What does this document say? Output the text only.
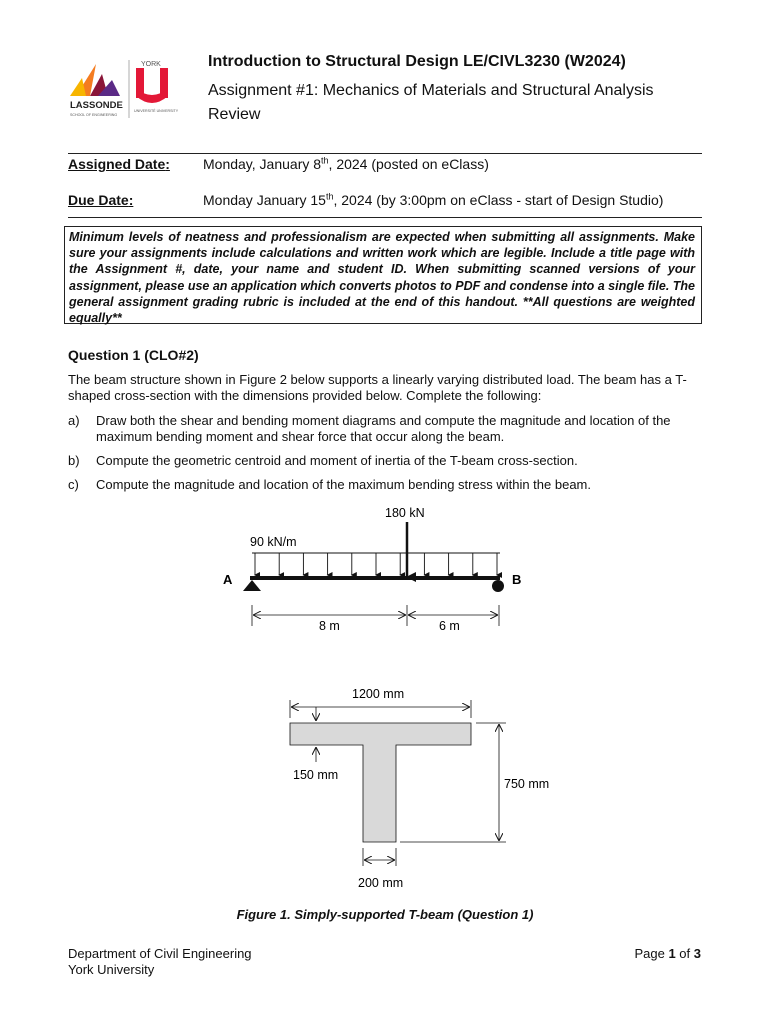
YORK
LASSONDE
SCHOOL OF ENGINEERING
UNIVERSITÉ UNIVERSITY
Introduction to Structural Design LE/CIVL3230 (W2024)
Assignment #1: Mechanics of Materials and Structural Analysis Review
Assigned Date: Monday, January 8th, 2024 (posted on eClass)
Due Date:	Monday January 15th, 2024 (by 3:00pm on eClass - start of Design Studio)
Minimum levels of neatness and professionalism are expected when submitting all assignments. Make sure your assignments include calculations and written work which are legible. Include a title page with the Assignment #, date, your name and student ID. When submitting scanned versions of your assignment, please use an application which converts photos to PDF and condense into a single file. The general assignment grading rubric is included at the end of this handout. **All questions are weighted equally**
Question 1 (CLO#2)
The beam structure shown in Figure 2 below supports a linearly varying distributed load. The beam has a T-shaped cross-section with the dimensions provided below. Complete the following:
a) Draw both the shear and bending moment diagrams and compute the magnitude and location of the maximum bending moment and shear force that occur along the beam.
b) Compute the geometric centroid and moment of inertia of the T-beam cross-section.
c) Compute the magnitude and location of the maximum bending stress within the beam.
90 kN/m
180 kN
A	B
8 m	6 m
1200 mm
150 mm
750 mm
200 mm
Figure 1. Simply-supported T-beam (Question 1)
Department of Civil Engineering
York University
Page 1 of 3
